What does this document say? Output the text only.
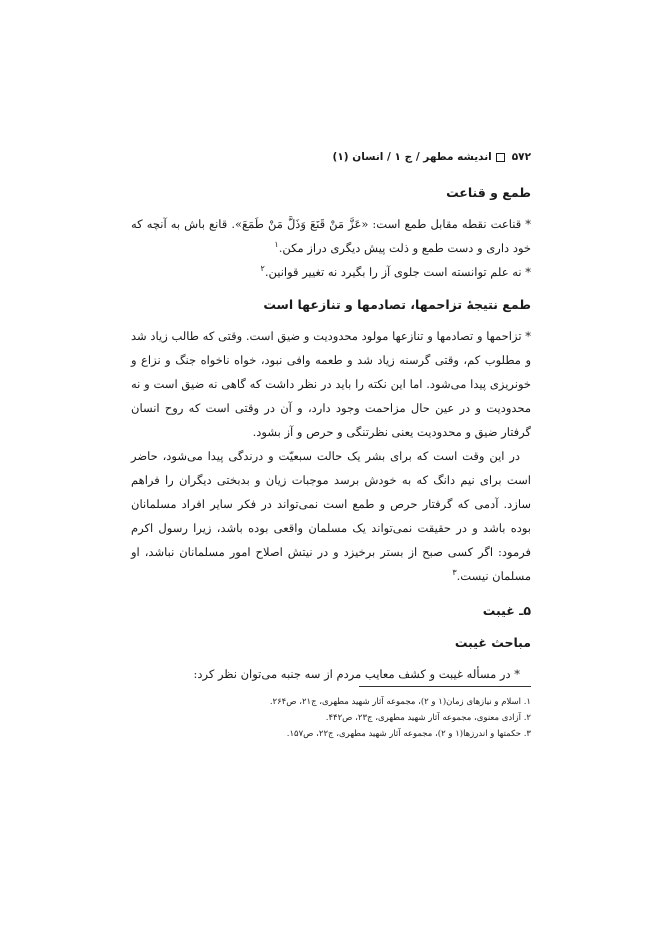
۵۷۲
اندیشه مطهر / ج ۱ / انسان (۱)
طمع و قناعت

* قناعت نقطه مقابل طمع است: «عَزَّ مَنْ قَنَعَ وَذَلَّ مَنْ طَمَعَ». قانع باش به آنچه که خود داری و دست طمع و ذلت پیش دیگری دراز مکن.$^۱$

* نه علم توانسته است جلوی آز را بگیرد نه تغییر قوانین.$^۲$

طمع نتیجهٔ تزاحمها، تصادمها و تنازعها است

* تزاحمها و تصادمها و تنازعها مولود محدودیت و ضیق است. وقتی که طالب زیاد شد و مطلوب کم، وقتی گرسنه زیاد شد و طعمه وافی نبود، خواه ناخواه جنگ و نزاع و خونریزی پیدا می‌شود. اما این نکته را باید در نظر داشت که گاهی نه ضیق است و نه محدودیت و در عین حال مزاحمت وجود دارد، و آن در وقتی است که روح انسان گرفتار ضیق و محدودیت یعنی نظرتنگی و حرص و آز بشود.

در این وقت است که برای بشر یک حالت سبعیّت و درندگی پیدا می‌شود، حاضر است برای نیم دانگ که به خودش برسد موجبات زیان و بدبختی دیگران را فراهم سازد. آدمی که گرفتار حرص و طمع است نمی‌تواند در فکر سایر افراد مسلمانان بوده باشد و در حقیقت نمی‌تواند یک مسلمان واقعی بوده باشد، زیرا رسول اکرم فرمود: اگر کسی صبح از بستر برخیزد و در نیتش اصلاح امور مسلمانان نباشد، او مسلمان نیست.$^۳$

۵ـ غیبت
مباحث غیبت

* در مسأله غیبت و کشف معایب مردم از سه جنبه می‌توان نظر کرد:

۱. اسلام و نیازهای زمان(۱ و ۲)، مجموعه آثار شهید مطهری، ج۲۱، ص۲۶۴.

۲. آزادی معنوی، مجموعه آثار شهید مطهری، ج۲۳، ص۴۴۲.

۳. حکمتها و اندرزها(۱ و ۲)، مجموعه آثار شهید مطهری، ج۲۲، ص۱۵۷.
